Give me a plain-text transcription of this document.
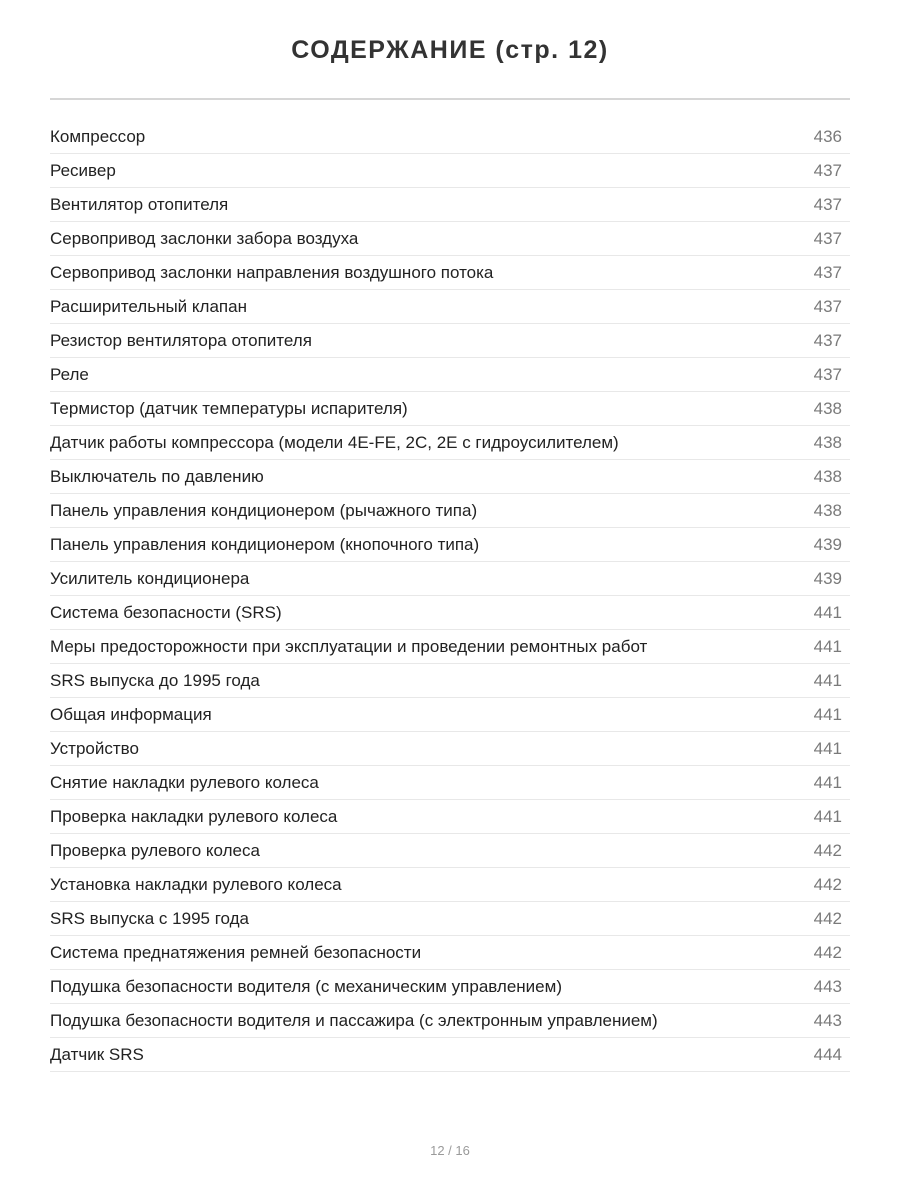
СОДЕРЖАНИЕ (стр. 12)
Компрессор	436
Ресивер	437
Вентилятор отопителя	437
Сервопривод заслонки забора воздуха	437
Сервопривод заслонки направления воздушного потока	437
Расширительный клапан	437
Резистор вентилятора отопителя	437
Реле	437
Термистор (датчик температуры испарителя)	438
Датчик работы компрессора (модели 4E-FE, 2C, 2E с гидроусилителем)	438
Выключатель по давлению	438
Панель управления кондиционером (рычажного типа)	438
Панель управления кондиционером (кнопочного типа)	439
Усилитель кондиционера	439
Система безопасности (SRS)	441
Меры предосторожности при эксплуатации и проведении ремонтных работ	441
SRS выпуска до 1995 года	441
Общая информация	441
Устройство	441
Снятие накладки рулевого колеса	441
Проверка накладки рулевого колеса	441
Проверка рулевого колеса	442
Установка накладки рулевого колеса	442
SRS выпуска с 1995 года	442
Система преднатяжения ремней безопасности	442
Подушка безопасности водителя (с механическим управлением)	443
Подушка безопасности водителя и пассажира (с электронным управлением)	443
Датчик SRS	444
12 / 16
